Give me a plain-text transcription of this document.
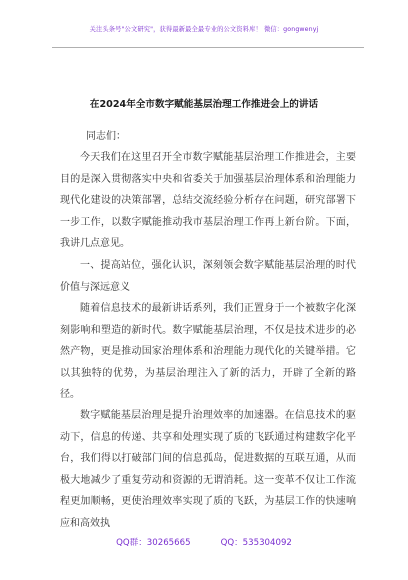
关注头条号"公文研究"，获得最新最全最专业的公文资料库！ 微信：gongwenyj
在2024年全市数字赋能基层治理工作推进会上的讲话
同志们：
今天我们在这里召开全市数字赋能基层治理工作推进会，主要目的是深入贯彻落实中央和省委关于加强基层治理体系和治理能力现代化建设的决策部署，总结交流经验分析存在问题，研究部署下一步工作，以数字赋能推动我市基层治理工作再上新台阶。下面，我讲几点意见。
一、提高站位，强化认识，深刻领会数字赋能基层治理的时代价值与深远意义
随着信息技术的最新讲话系列，我们正置身于一个被数字化深刻影响和塑造的新时代。数字赋能基层治理，不仅是技术进步的必然产物，更是推动国家治理体系和治理能力现代化的关键举措。它以其独特的优势，为基层治理注入了新的活力，开辟了全新的路径。
数字赋能基层治理是提升治理效率的加速器。在信息技术的驱动下，信息的传递、共享和处理实现了质的飞跃通过构建数字化平台，我们得以打破部门间的信息孤岛，促进数据的互联互通，从而极大地减少了重复劳动和资源的无谓消耗。这一变革不仅让工作流程更加顺畅，更使治理效率实现了质的飞跃，为基层工作的快速响应和高效执
QQ群：30265665	QQ：535304092
